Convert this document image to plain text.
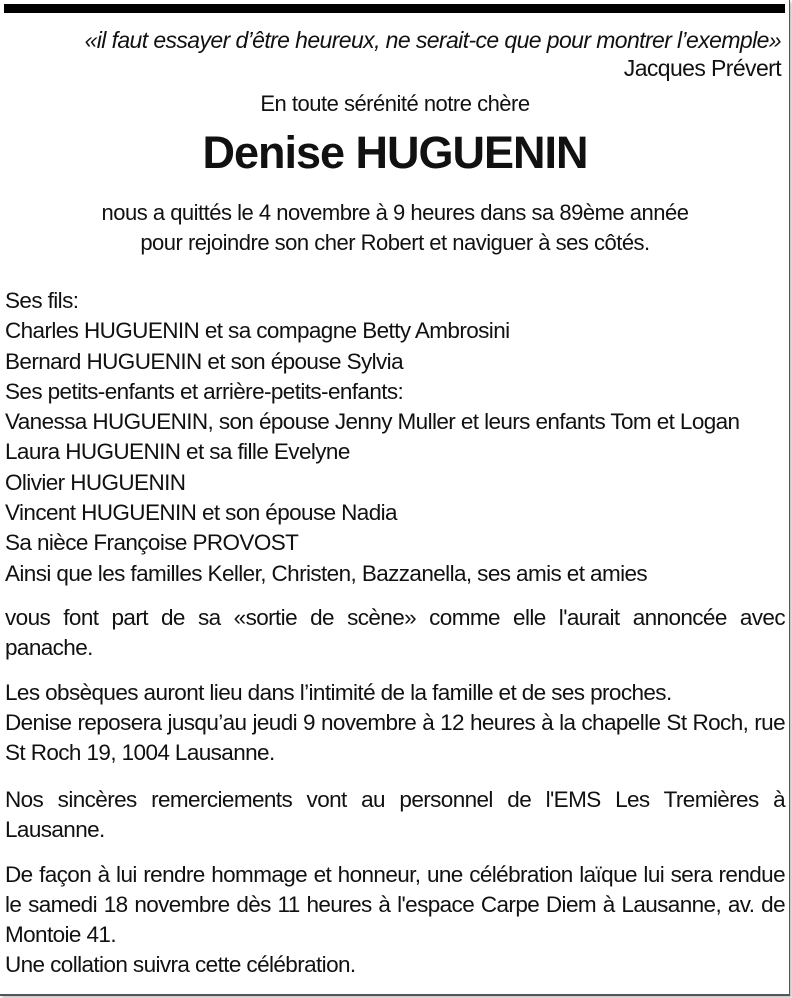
«il faut essayer d’être heureux, ne serait-ce que pour montrer l’exemple»
Jacques Prévert
En toute sérénité notre chère
Denise HUGUENIN
nous a quittés le 4 novembre à 9 heures dans sa 89ème année
pour rejoindre son cher Robert et naviguer à ses côtés.
Ses fils:
Charles HUGUENIN et sa compagne Betty Ambrosini
Bernard HUGUENIN et son épouse Sylvia
Ses petits-enfants et arrière-petits-enfants:
Vanessa HUGUENIN, son épouse Jenny Muller et leurs enfants Tom et Logan
Laura HUGUENIN et sa fille Evelyne
Olivier HUGUENIN
Vincent HUGUENIN et son épouse Nadia
Sa nièce Françoise PROVOST
Ainsi que les familles Keller, Christen, Bazzanella, ses amis et amies
vous font part de sa «sortie de scène» comme elle l'aurait annoncée avec panache.
Les obsèques auront lieu dans l’intimité de la famille et de ses proches.
Denise reposera jusqu’au jeudi 9 novembre à 12 heures à la chapelle St Roch, rue St Roch 19, 1004 Lausanne.
Nos sincères remerciements vont au personnel de l'EMS Les Tremières à Lausanne.
De façon à lui rendre hommage et honneur, une célébration laïque lui sera rendue le samedi 18 novembre dès 11 heures à l'espace Carpe Diem à Lausanne, av. de Montoie 41.
Une collation suivra cette célébration.
